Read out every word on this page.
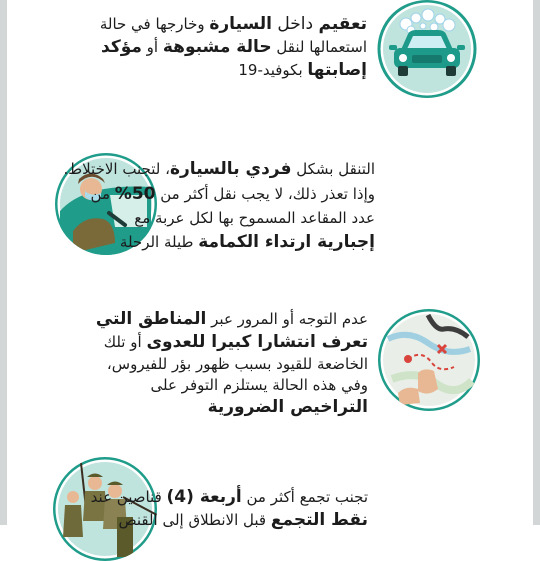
تعقيم داخل السيارة وخارجها في حالة
استعمالها لنقل حالة مشبوهة أو مؤكد
إصابتها بكوفيد-19
التنقل بشكل فردي بالسيارة، لتجنب الاختلاط.
وإذا تعذر ذلك، لا يجب نقل أكثر من 50% من
عدد المقاعد المسموح بها لكل عربة مع
إجبارية ارتداء الكمامة طيلة الرحلة
عدم التوجه أو المرور عبر المناطق التي
تعرف انتشارا كبيرا للعدوى أو تلك
الخاضعة للقيود بسبب ظهور بؤر للفيروس،
وفي هذه الحالة يستلزم التوفر على
التراخيص الضرورية
تجنب تجمع أكثر من أربعة (4) قناصين عند
نقط التجمع قبل الانطلاق إلى القنص
